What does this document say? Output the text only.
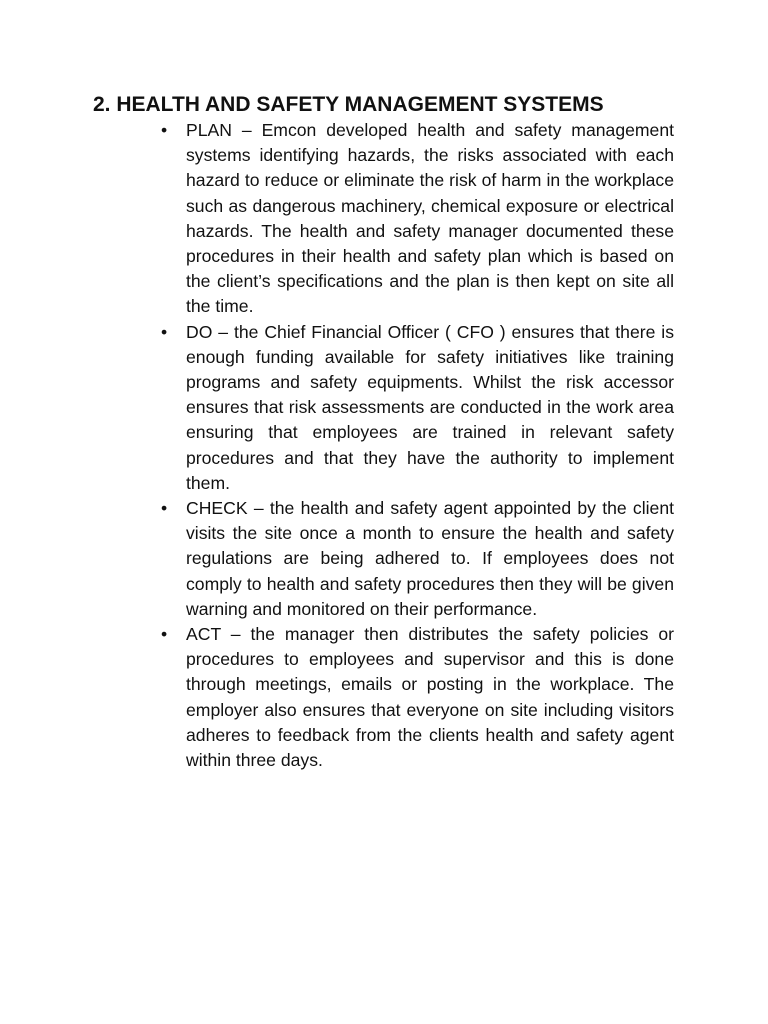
2. HEALTH AND SAFETY MANAGEMENT SYSTEMS
• PLAN – Emcon developed health and safety management systems identifying hazards, the risks associated with each hazard to reduce or eliminate the risk of harm in the workplace such as dangerous machinery, chemical exposure or electrical hazards. The health and safety manager documented these procedures in their health and safety plan which is based on the client’s specifications and the plan is then kept on site all the time.
• DO – the Chief Financial Officer ( CFO ) ensures that there is enough funding available for safety initiatives like training programs and safety equipments. Whilst the risk accessor ensures that risk assessments are conducted in the work area ensuring that employees are trained in relevant safety procedures and that they have the authority to implement them.
• CHECK – the health and safety agent appointed by the client visits the site once a month to ensure the health and safety regulations are being adhered to. If employees does not comply to health and safety procedures then they will be given warning and monitored on their performance.
• ACT – the manager then distributes the safety policies or procedures to employees and supervisor and this is done through meetings, emails or posting in the workplace. The employer also ensures that everyone on site including visitors adheres to feedback from the clients health and safety agent within three days.
